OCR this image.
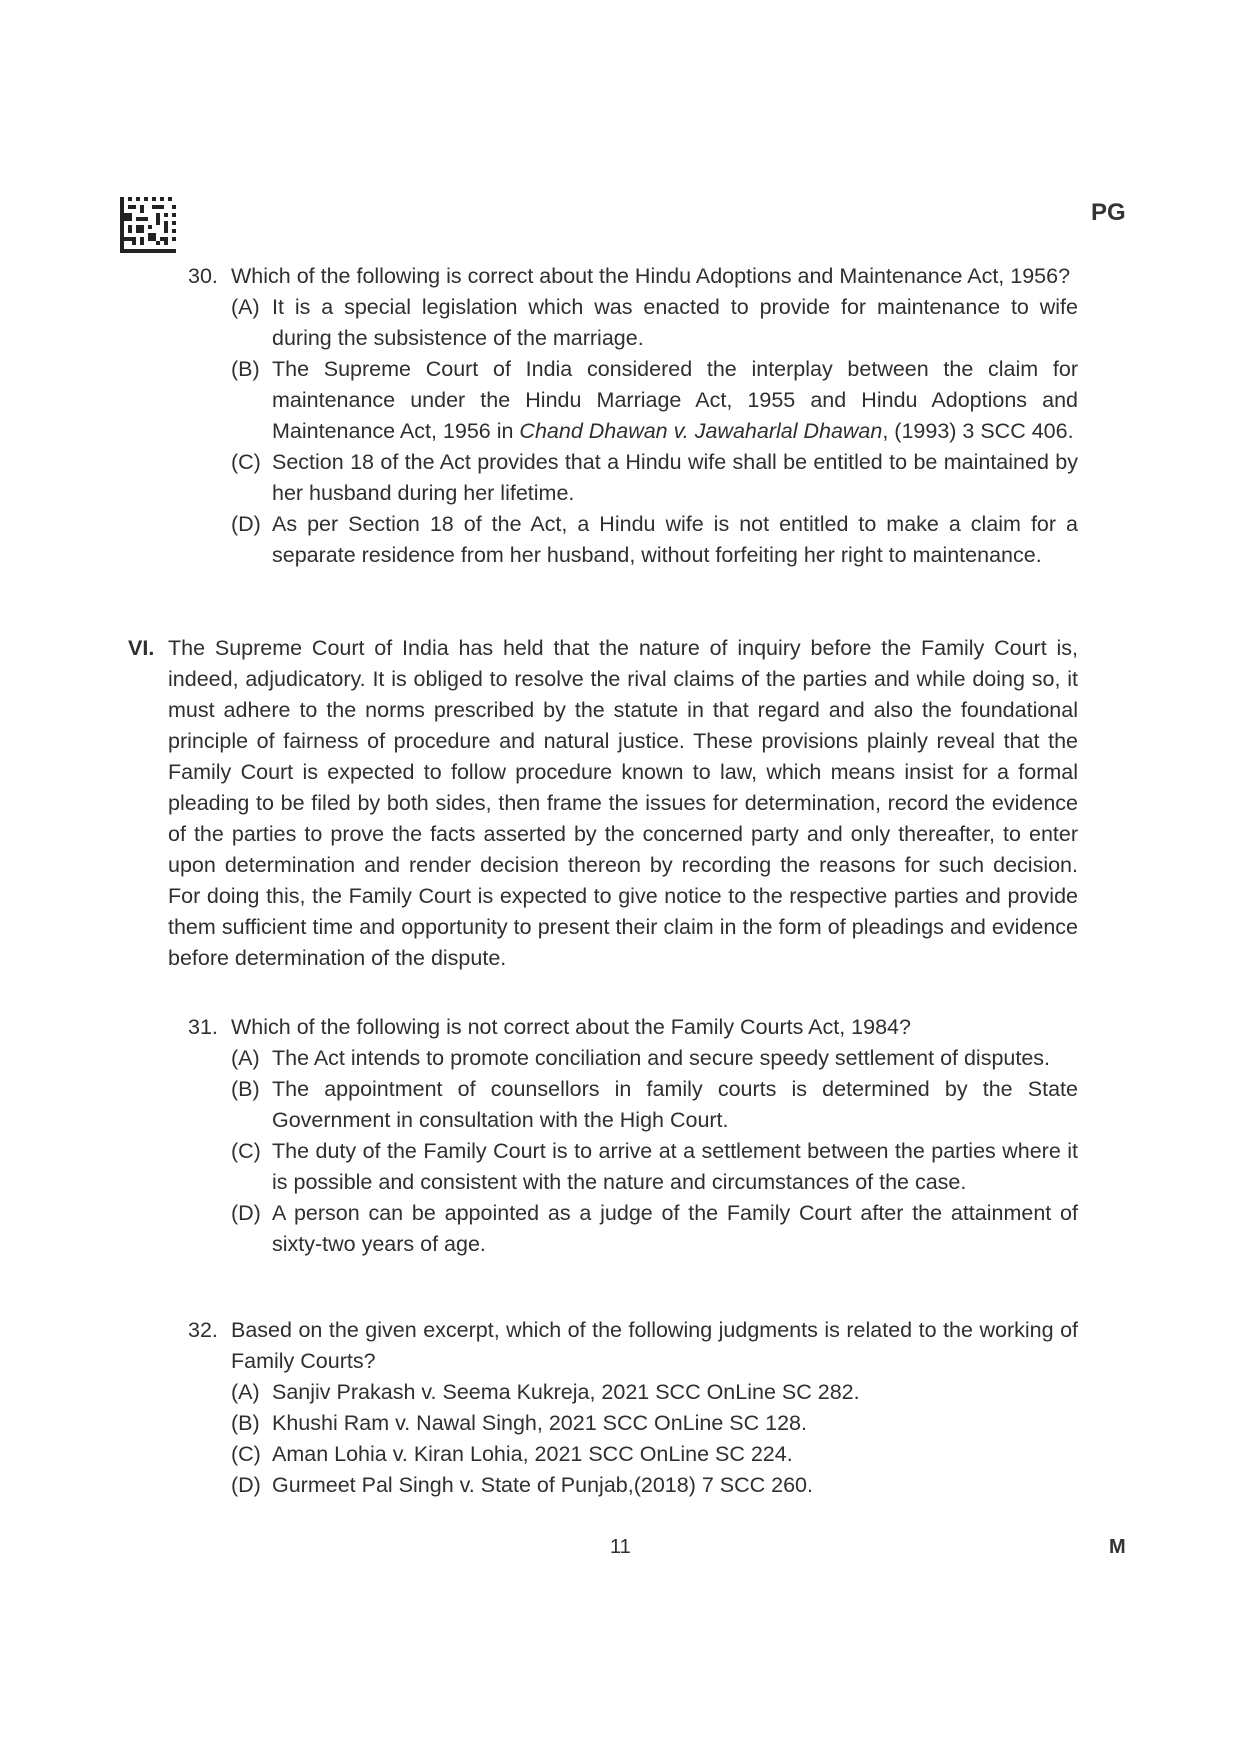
PG
30. Which of the following is correct about the Hindu Adoptions and Maintenance Act, 1956?
(A) It is a special legislation which was enacted to provide for maintenance to wife during the subsistence of the marriage.
(B) The Supreme Court of India considered the interplay between the claim for maintenance under the Hindu Marriage Act, 1955 and Hindu Adoptions and Maintenance Act, 1956 in Chand Dhawan v. Jawaharlal Dhawan, (1993) 3 SCC 406.
(C) Section 18 of the Act provides that a Hindu wife shall be entitled to be maintained by her husband during her lifetime.
(D) As per Section 18 of the Act, a Hindu wife is not entitled to make a claim for a separate residence from her husband, without forfeiting her right to maintenance.
VI. The Supreme Court of India has held that the nature of inquiry before the Family Court is, indeed, adjudicatory. It is obliged to resolve the rival claims of the parties and while doing so, it must adhere to the norms prescribed by the statute in that regard and also the foundational principle of fairness of procedure and natural justice. These provisions plainly reveal that the Family Court is expected to follow procedure known to law, which means insist for a formal pleading to be filed by both sides, then frame the issues for determination, record the evidence of the parties to prove the facts asserted by the concerned party and only thereafter, to enter upon determination and render decision thereon by recording the reasons for such decision. For doing this, the Family Court is expected to give notice to the respective parties and provide them sufficient time and opportunity to present their claim in the form of pleadings and evidence before determination of the dispute.
31. Which of the following is not correct about the Family Courts Act, 1984?
(A) The Act intends to promote conciliation and secure speedy settlement of disputes.
(B) The appointment of counsellors in family courts is determined by the State Government in consultation with the High Court.
(C) The duty of the Family Court is to arrive at a settlement between the parties where it is possible and consistent with the nature and circumstances of the case.
(D) A person can be appointed as a judge of the Family Court after the attainment of sixty-two years of age.
32. Based on the given excerpt, which of the following judgments is related to the working of Family Courts?
(A) Sanjiv Prakash v. Seema Kukreja, 2021 SCC OnLine SC 282.
(B) Khushi Ram v. Nawal Singh, 2021 SCC OnLine SC 128.
(C) Aman Lohia v. Kiran Lohia, 2021 SCC OnLine SC 224.
(D) Gurmeet Pal Singh v. State of Punjab,(2018) 7 SCC 260.
11	M
